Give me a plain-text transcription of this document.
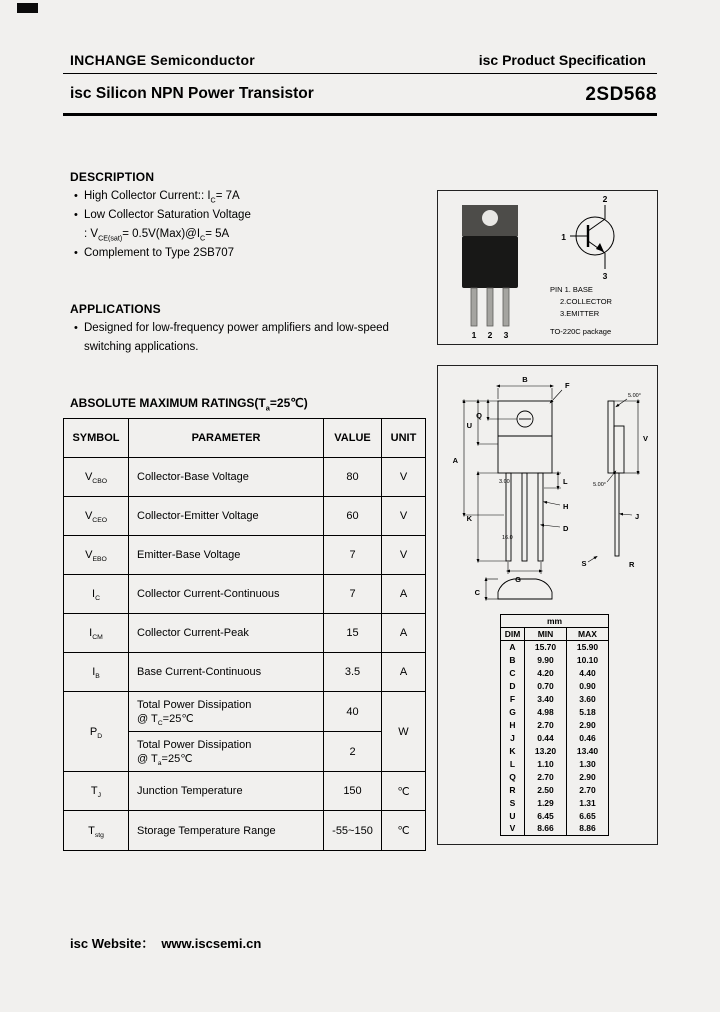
INCHANGE Semiconductor	isc Product Specification
isc Silicon NPN Power Transistor	2SD568
DESCRIPTION
• High Collector Current:: $I_C= 7A$
• Low Collector Saturation Voltage
: $V_{CE(sat)}=$ $0.5V(Max)@I_C= 5A$
• Complement to Type 2SB707
APPLICATIONS
• Designed for low-frequency power amplifiers and low-speed
switching applications.
ABSOLUTE MAXIMUM $RATINGS(T_a=25℃)$
SYMBOL	PARAMETER	VALUE	UNIT
$V_{CBO}$	Collector-Base Voltage	80	V
$V_{CEO}$	Collector-Emitter Voltage	60	V
$V_{EBO}$	Emitter-Base Voltage	7	V
$I_C$	Collector Current-Continuous	7	A
$I_{CM}$	Collector Current-Peak	15	A
$I_B$	Base Current-Continuous	3.5	A
$P_D$	Total Power Dissipation
@ $T_C=25℃$	40	W

	Total Power Dissipation
@ $T_a=25℃$	2	
$T_J$	Junction Temperature	150	℃
$T_{stg}$	Storage Temperature Range	-55~150	℃
1 2 3
1
2
3
PIN 1. BASE
2.COLLECTOR
3.EMITTER
TO-220C package
B
F
Q
U
A
K
L
H
D
G
C
V
J
S	R
5.00°
5.00°
3.00
16.0
mm		
DIM	MIN	MAX
A	15.70	15.90
B	9.90	10.10
C	4.20	4.40
D	0.70	0.90
F	3.40	3.60
G	4.98	5.18
H	2.70	2.90
J	0.44	0.46
K	13.20	13.40
L	1.10	1.30
Q	2.70	2.90
R	2.50	2.70
S	1.29	1.31
U	6.45	6.65
V	8.66	8.86
isc Website： www.iscsemi.cn
